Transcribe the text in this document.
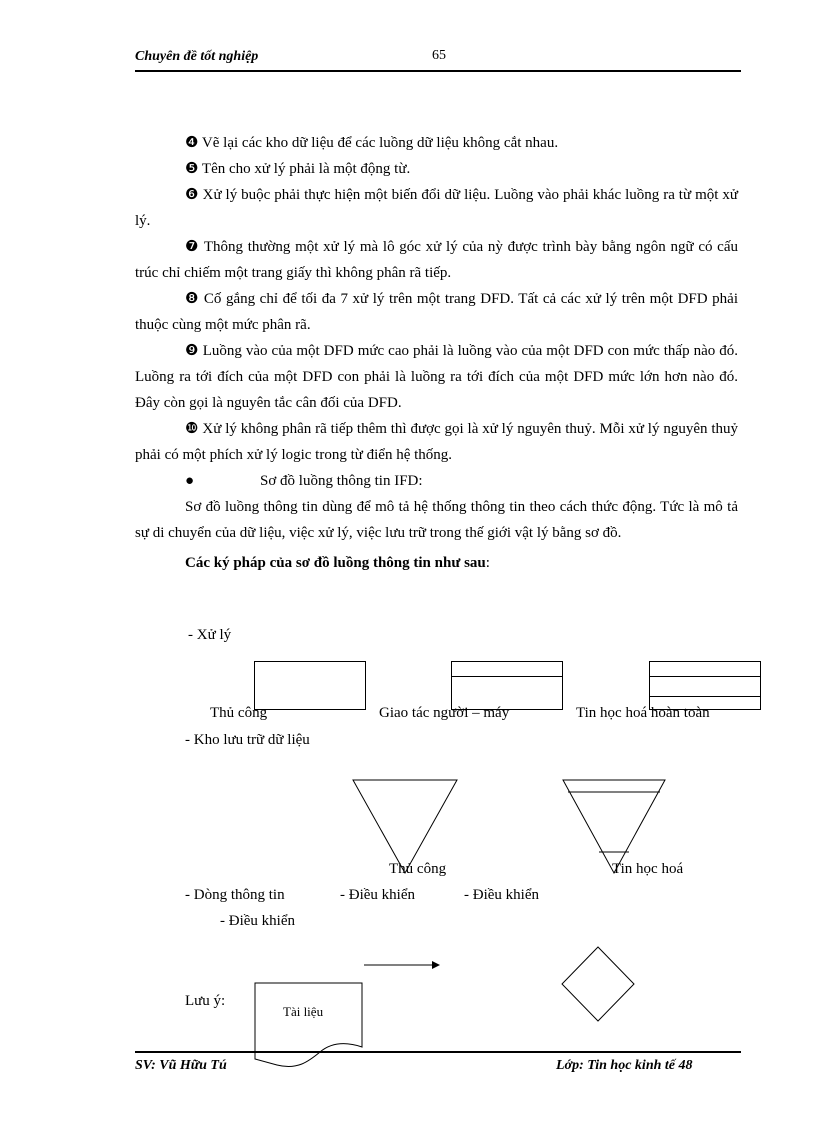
Chuyên đề tốt nghiệp	65
❹ Vẽ lại các kho dữ liệu để các luồng dữ liệu không cắt nhau.
❺ Tên cho xử lý phải là một động từ.
❻ Xử lý buộc phải thực hiện một biến đổi dữ liệu. Luồng vào phải khác luồng ra từ một xử lý.
❼ Thông thường một xử lý mà lô góc xử lý của nỳ được trình bày bằng ngôn ngữ có cấu trúc chỉ chiếm một trang giấy thì không phân rã tiếp.
❽ Cố gắng chỉ để tối đa 7 xử lý trên một trang DFD. Tất cả các xử lý trên một DFD phải thuộc cùng một mức phân rã.
❾ Luồng vào của một DFD mức cao phải là luồng vào của một DFD con mức thấp nào đó. Luồng ra tới đích của một DFD con phải là luồng ra tới đích của một DFD mức lớn hơn nào đó. Đây còn gọi là nguyên tắc cân đối của DFD.
❿ Xử lý không phân rã tiếp thêm thì được gọi là xử lý nguyên thuỷ. Mỗi xử lý nguyên thuỷ phải có một phích xử lý logic trong từ điển hệ thống.
●	Sơ đồ luồng thông tin IFD:
Sơ đồ luồng thông tin dùng để mô tả hệ thống thông tin theo cách thức động. Tức là mô tả sự di chuyển của dữ liệu, việc xử lý, việc lưu trữ trong thế giới vật lý bằng sơ đồ.
Các ký pháp của sơ đồ luồng thông tin như sau:
- Xử lý
Thủ công	Giao tác người – máy	Tin học hoá hoàn toàn
- Kho lưu trữ dữ liệu
Thủ công	Tin học hoá
- Dòng thông tin	- Điều khiển	- Điều khiển
- Điều khiển
Lưu ý:
Tài liệu
SV: Vũ Hữu Tú	Lớp: Tin học kinh tế 48
